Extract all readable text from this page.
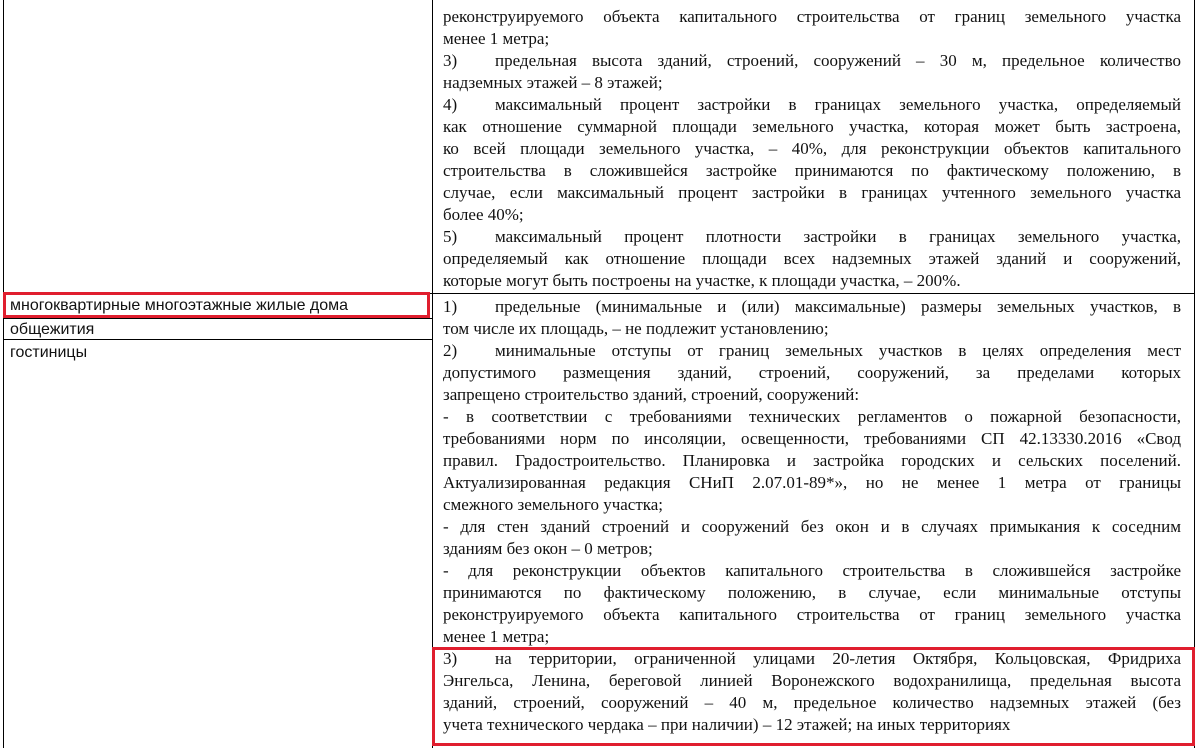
многоквартирные многоэтажные жилые дома
общежития
гостиницы
реконструируемого объекта капитального строительства от границ земельного участка
менее 1 метра;
3) предельная высота зданий, строений, сооружений – 30 м, предельное количество
надземных этажей – 8 этажей;
4) максимальный процент застройки в границах земельного участка, определяемый
как отношение суммарной площади земельного участка, которая может быть застроена,
ко всей площади земельного участка, – 40%, для реконструкции объектов капитального
строительства в сложившейся застройке принимаются по фактическому положению, в
случае, если максимальный процент застройки в границах учтенного земельного участка
более 40%;
5) максимальный процент плотности застройки в границах земельного участка,
определяемый как отношение площади всех надземных этажей зданий и сооружений,
которые могут быть построены на участке, к площади участка, – 200%.
1) предельные (минимальные и (или) максимальные) размеры земельных участков, в
том числе их площадь, – не подлежит установлению;
2) минимальные отступы от границ земельных участков в целях определения мест
допустимого размещения зданий, строений, сооружений, за пределами которых
запрещено строительство зданий, строений, сооружений:
- в соответствии с требованиями технических регламентов о пожарной безопасности,
требованиями норм по инсоляции, освещенности, требованиями СП 42.13330.2016 «Свод
правил. Градостроительство. Планировка и застройка городских и сельских поселений.
Актуализированная редакция СНиП 2.07.01-89*», но не менее 1 метра от границы
смежного земельного участка;
- для стен зданий строений и сооружений без окон и в случаях примыкания к соседним
зданиям без окон – 0 метров;
- для реконструкции объектов капитального строительства в сложившейся застройке
принимаются по фактическому положению, в случае, если минимальные отступы
реконструируемого объекта капитального строительства от границ земельного участка
менее 1 метра;
3) на территории, ограниченной улицами 20-летия Октября, Кольцовская, Фридриха
Энгельса, Ленина, береговой линией Воронежского водохранилища, предельная высота
зданий, строений, сооружений – 40 м, предельное количество надземных этажей (без
учета технического чердака – при наличии) – 12 этажей; на иных территориях
